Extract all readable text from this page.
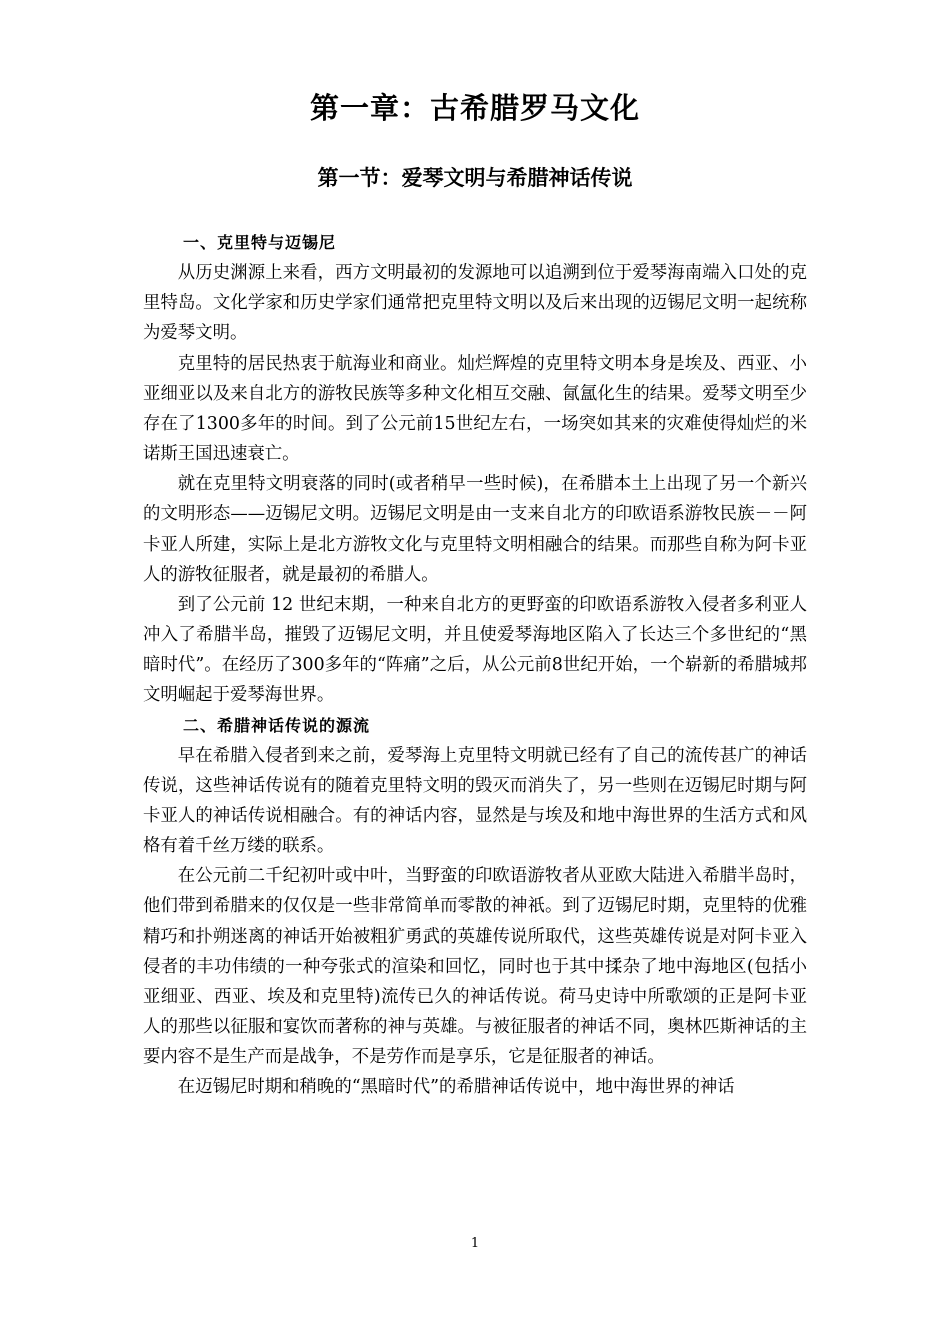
第一章：古希腊罗马文化
第一节：爱琴文明与希腊神话传说

一、克里特与迈锡尼

从历史渊源上来看，西方文明最初的发源地可以追溯到位于爱琴海南端入口处的克里特岛。文化学家和历史学家们通常把克里特文明以及后来出现的迈锡尼文明一起统称为爱琴文明。

克里特的居民热衷于航海业和商业。灿烂辉煌的克里特文明本身是埃及、西亚、小亚细亚以及来自北方的游牧民族等多种文化相互交融、氤氲化生的结果。爱琴文明至少存在了1300多年的时间。到了公元前15世纪左右，一场突如其来的灾难使得灿烂的米诺斯王国迅速衰亡。

就在克里特文明衰落的同时(或者稍早一些时候)，在希腊本土上出现了另一个新兴的文明形态——迈锡尼文明。迈锡尼文明是由一支来自北方的印欧语系游牧民族－－阿卡亚人所建，实际上是北方游牧文化与克里特文明相融合的结果。而那些自称为阿卡亚人的游牧征服者，就是最初的希腊人。

到了公元前 12 世纪末期，一种来自北方的更野蛮的印欧语系游牧入侵者多利亚人冲入了希腊半岛，摧毁了迈锡尼文明，并且使爱琴海地区陷入了长达三个多世纪的“黑暗时代”。在经历了300多年的“阵痛”之后，从公元前8世纪开始，一个崭新的希腊城邦文明崛起于爱琴海世界。

二、希腊神话传说的源流

早在希腊入侵者到来之前，爱琴海上克里特文明就已经有了自己的流传甚广的神话传说，这些神话传说有的随着克里特文明的毁灭而消失了，另一些则在迈锡尼时期与阿卡亚人的神话传说相融合。有的神话内容，显然是与埃及和地中海世界的生活方式和风格有着千丝万缕的联系。

在公元前二千纪初叶或中叶，当野蛮的印欧语游牧者从亚欧大陆进入希腊半岛时，他们带到希腊来的仅仅是一些非常简单而零散的神祇。到了迈锡尼时期，克里特的优雅精巧和扑朔迷离的神话开始被粗犷勇武的英雄传说所取代，这些英雄传说是对阿卡亚入侵者的丰功伟绩的一种夸张式的渲染和回忆，同时也于其中揉杂了地中海地区(包括小亚细亚、西亚、埃及和克里特)流传已久的神话传说。荷马史诗中所歌颂的正是阿卡亚人的那些以征服和宴饮而著称的神与英雄。与被征服者的神话不同，奥林匹斯神话的主要内容不是生产而是战争，不是劳作而是享乐，它是征服者的神话。

在迈锡尼时期和稍晚的“黑暗时代”的希腊神话传说中，地中海世界的神话

1
